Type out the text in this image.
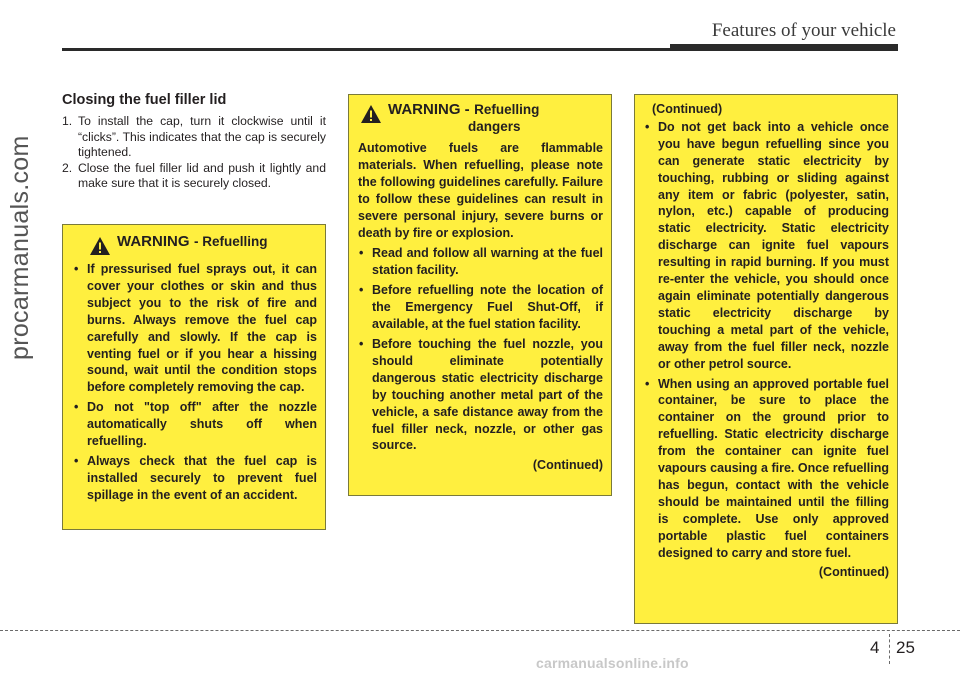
Features of your vehicle
procarmanuals.com
Closing the fuel filler lid
1. To install the cap, turn it clockwise until it “clicks”. This indicates that the cap is securely tightened.
2. Close the fuel filler lid and push it lightly and make sure that it is securely closed.
WARNING - Refuelling
• If pressurised fuel sprays out, it can cover your clothes or skin and thus subject you to the risk of fire and burns. Always remove the fuel cap carefully and slowly. If the cap is venting fuel or if you hear a hissing sound, wait until the condition stops before completely removing the cap.
• Do not "top off" after the nozzle automatically shuts off when refuelling.
• Always check that the fuel cap is installed securely to prevent fuel spillage in the event of an accident.
WARNING - Refuelling
dangers
Automotive fuels are flammable materials. When refuelling, please note the following guidelines carefully. Failure to follow these guidelines can result in severe personal injury, severe burns or death by fire or explosion.
• Read and follow all warning at the fuel station facility.
• Before refuelling note the location of the Emergency Fuel Shut-Off, if available, at the fuel station facility.
• Before touching the fuel nozzle, you should eliminate potentially dangerous static electricity discharge by touching another metal part of the vehicle, a safe distance away from the fuel filler neck, nozzle, or other gas source.
(Continued)
(Continued)
• Do not get back into a vehicle once you have begun refuelling since you can generate static electricity by touching, rubbing or sliding against any item or fabric (polyester, satin, nylon, etc.) capable of producing static electricity. Static electricity discharge can ignite fuel vapours resulting in rapid burning. If you must re-enter the vehicle, you should once again eliminate potentially dangerous static electricity discharge by touching a metal part of the vehicle, away from the fuel filler neck, nozzle or other petrol source.
• When using an approved portable fuel container, be sure to place the container on the ground prior to refuelling. Static electricity discharge from the container can ignite fuel vapours causing a fire. Once refuelling has begun, contact with the vehicle should be maintained until the filling is complete. Use only approved portable plastic fuel containers designed to carry and store fuel.
(Continued)
4 25
carmanualsonline.info
